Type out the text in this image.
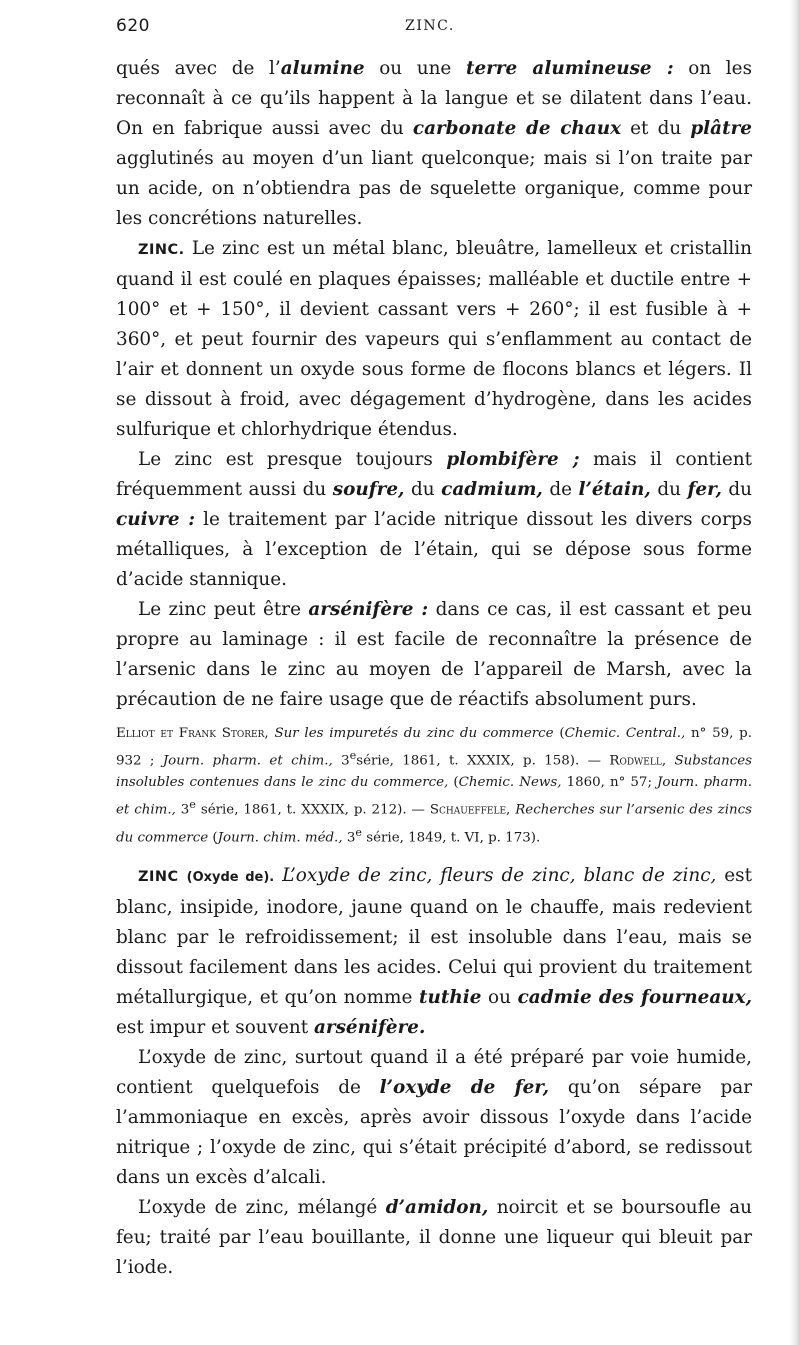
620	ZINC.

qués avec de l’alumine ou une terre alumineuse : on les reconnaît à ce qu’ils happent à la langue et se dilatent dans l’eau. On en fabrique aussi avec du carbonate de chaux et du plâtre agglutinés au moyen d’un liant quelconque; mais si l’on traite par un acide, on n’obtiendra pas de squelette organique, comme pour les concrétions naturelles.

ZINC. Le zinc est un métal blanc, bleuâtre, lamelleux et cristallin quand il est coulé en plaques épaisses; malléable et ductile entre + 100° et + 150°, il devient cassant vers + 260°; il est fusible à + 360°, et peut fournir des vapeurs qui s’enflamment au contact de l’air et donnent un oxyde sous forme de flocons blancs et légers. Il se dissout à froid, avec dégagement d’hydrogène, dans les acides sulfurique et chlorhydrique étendus.

Le zinc est presque toujours plombifère ; mais il contient fréquemment aussi du soufre, du cadmium, de l’étain, du fer, du cuivre : le traitement par l’acide nitrique dissout les divers corps métalliques, à l’exception de l’étain, qui se dépose sous forme d’acide stannique.

Le zinc peut être arsénifère : dans ce cas, il est cassant et peu propre au laminage : il est facile de reconnaître la présence de l’arsenic dans le zinc au moyen de l’appareil de Marsh, avec la précaution de ne faire usage que de réactifs absolument purs.

Elliot et Frank Storer, Sur les impuretés du zinc du commerce (Chemic. Central., n° 59, p. 932 ; Journ. pharm. et chim., 3esérie, 1861, t. XXXIX, p. 158). — Rodwell, Substances insolubles contenues dans le zinc du commerce, (Chemic. News, 1860, n° 57; Journ. pharm. et chim., 3e série, 1861, t. XXXIX, p. 212). — Schaueffele, Recherches sur l’arsenic des zincs du commerce (Journ. chim. méd., 3e série, 1849, t. VI, p. 173).

ZINC (Oxyde de). L’oxyde de zinc, fleurs de zinc, blanc de zinc, est blanc, insipide, inodore, jaune quand on le chauffe, mais redevient blanc par le refroidissement; il est insoluble dans l’eau, mais se dissout facilement dans les acides. Celui qui provient du traitement métallurgique, et qu’on nomme tuthie ou cadmie des fourneaux, est impur et souvent arsénifère.

L’oxyde de zinc, surtout quand il a été préparé par voie humide, contient quelquefois de l’oxyde de fer, qu’on sépare par l’ammoniaque en excès, après avoir dissous l’oxyde dans l’acide nitrique ; l’oxyde de zinc, qui s’était précipité d’abord, se redissout dans un excès d’alcali.

L’oxyde de zinc, mélangé d’amidon, noircit et se boursoufle au feu; traité par l’eau bouillante, il donne une liqueur qui bleuit par l’iode.
